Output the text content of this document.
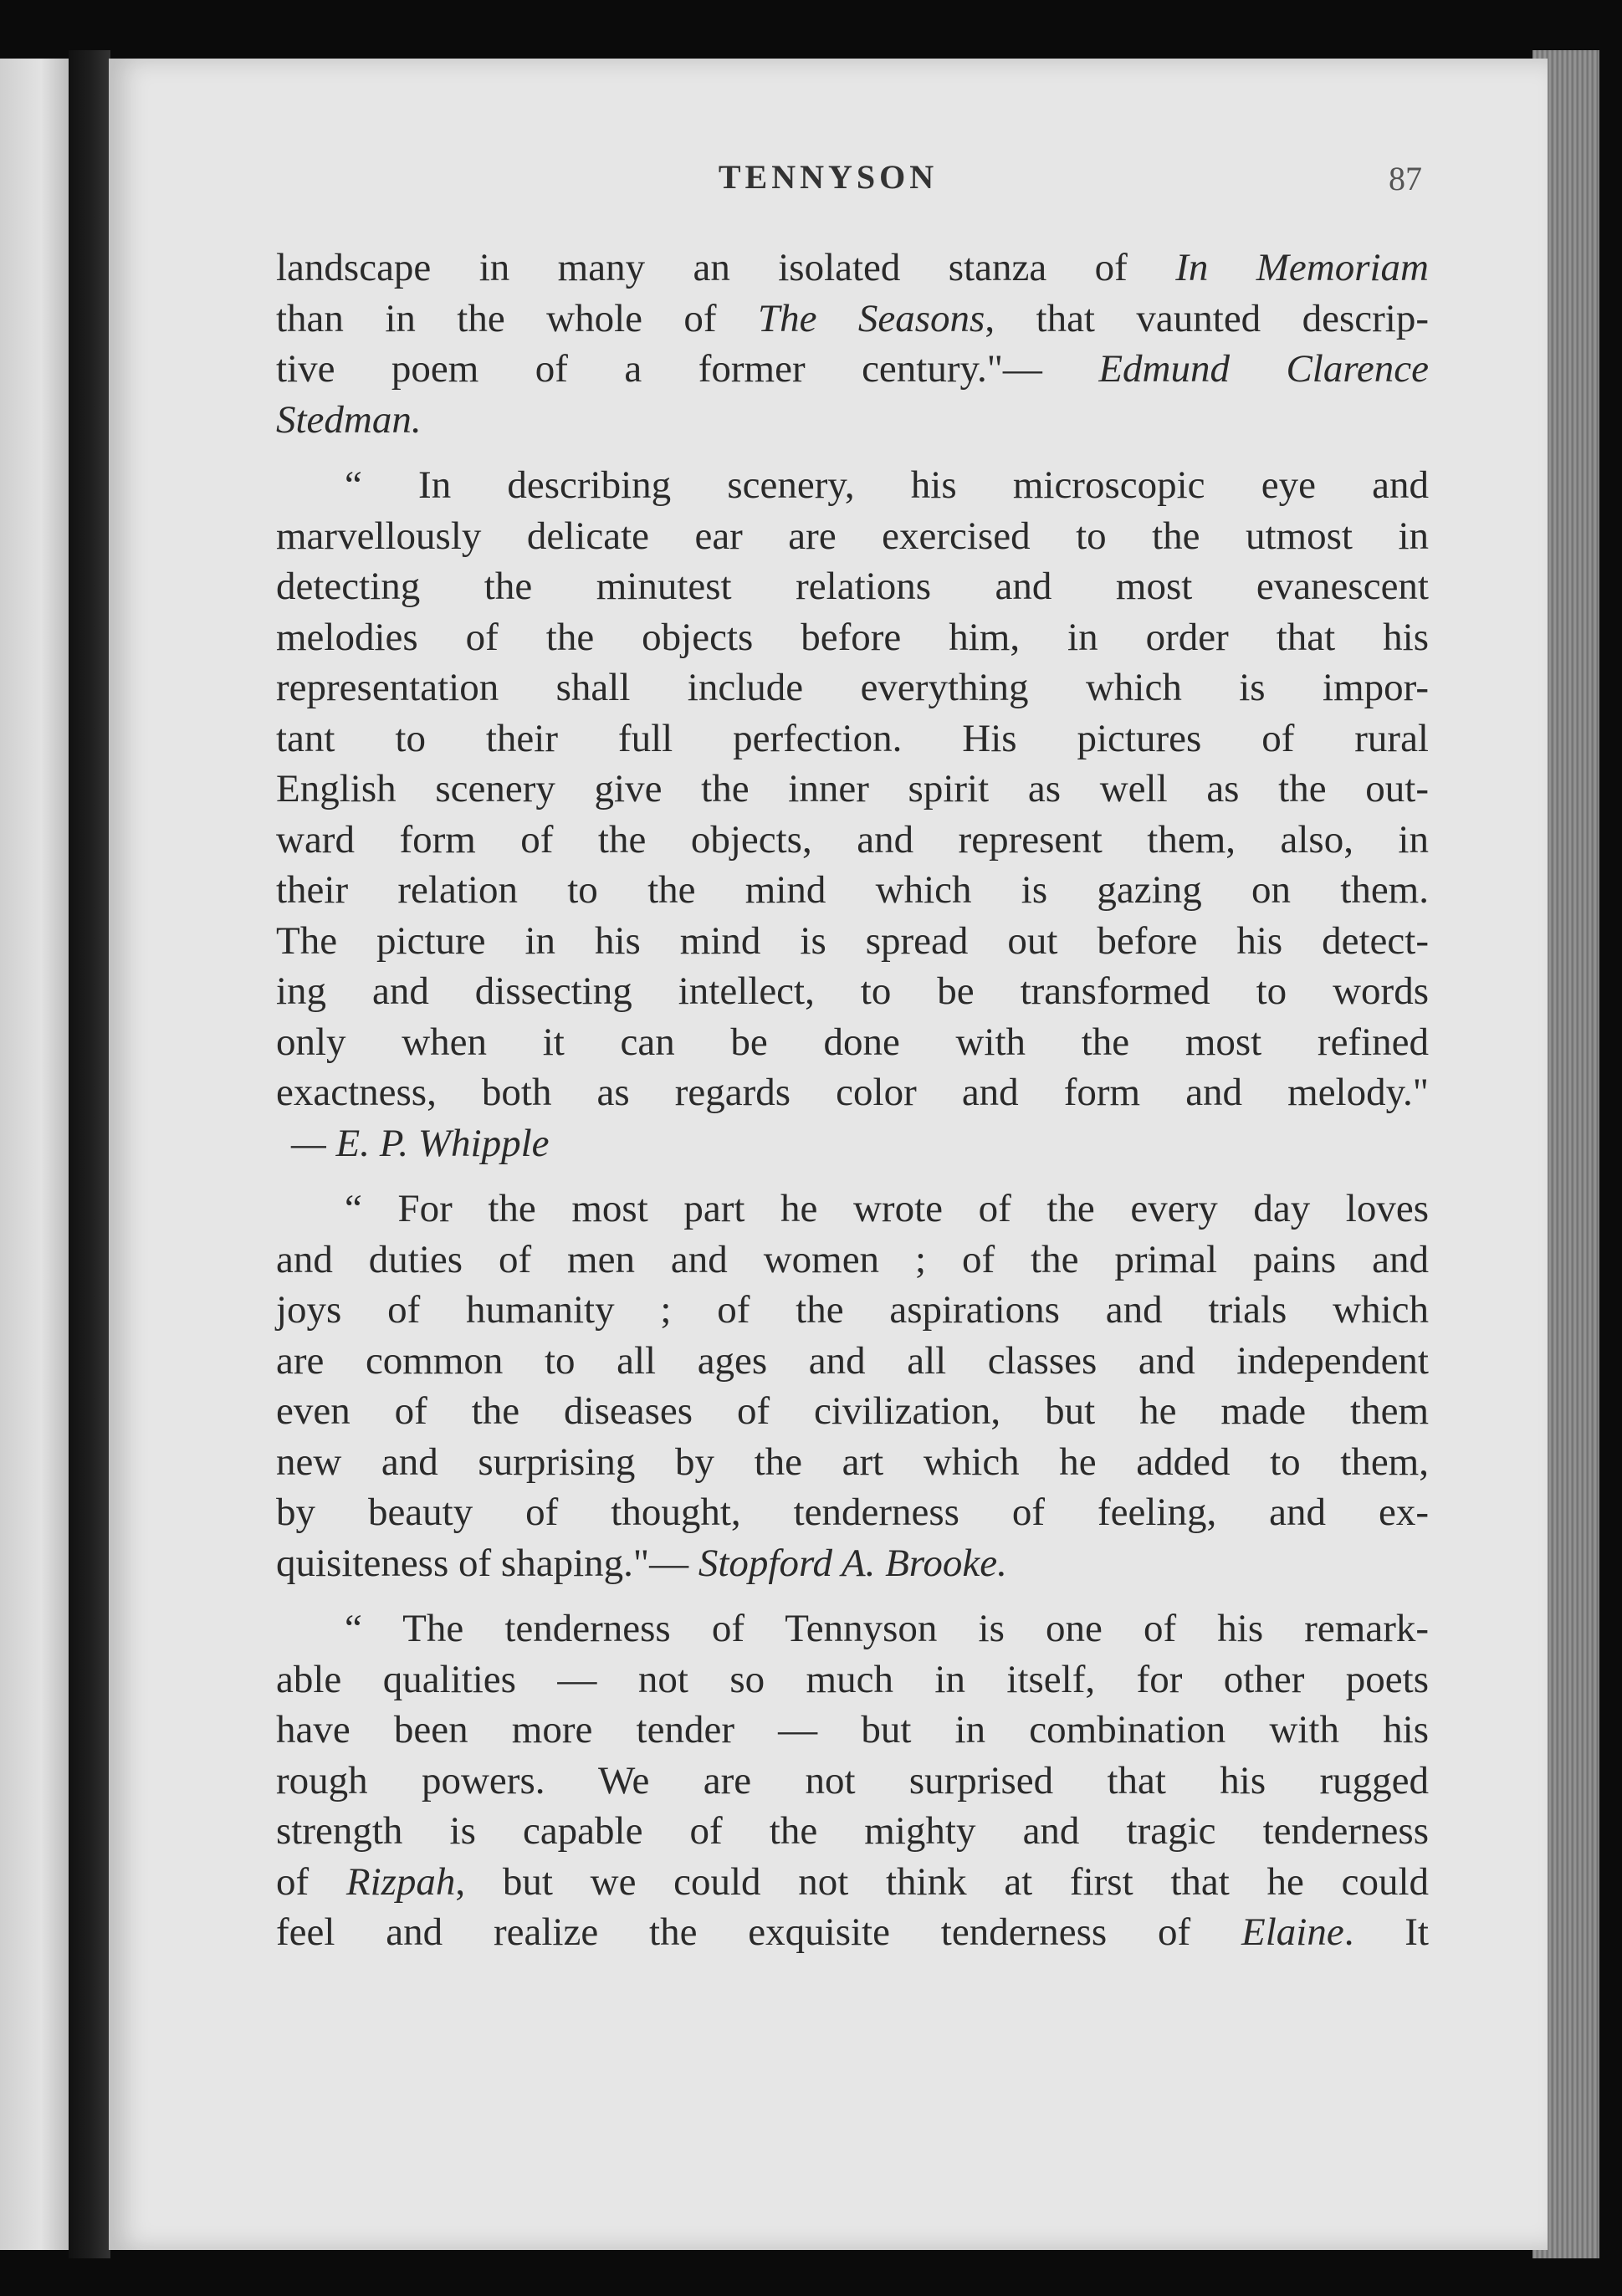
TENNYSON	87
landscape in many an isolated stanza of In Memoriam
than in the whole of The Seasons, that vaunted descrip-
tive poem of a former century."— Edmund Clarence
Stedman.
“ In describing scenery, his microscopic eye and
marvellously delicate ear are exercised to the utmost in
detecting the minutest relations and most evanescent
melodies of the objects before him, in order that his
representation shall include everything which is impor-
tant to their full perfection. His pictures of rural
English scenery give the inner spirit as well as the out-
ward form of the objects, and represent them, also, in
their relation to the mind which is gazing on them.
The picture in his mind is spread out before his detect-
ing and dissecting intellect, to be transformed to words
only when it can be done with the most refined
exactness, both as regards color and form and melody."
— E. P. Whipple
“ For the most part he wrote of the every day loves
and duties of men and women ; of the primal pains and
joys of humanity ; of the aspirations and trials which
are common to all ages and all classes and independent
even of the diseases of civilization, but he made them
new and surprising by the art which he added to them,
by beauty of thought, tenderness of feeling, and ex-
quisiteness of shaping."— Stopford A. Brooke.
“ The tenderness of Tennyson is one of his remark-
able qualities — not so much in itself, for other poets
have been more tender — but in combination with his
rough powers. We are not surprised that his rugged
strength is capable of the mighty and tragic tenderness
of Rizpah, but we could not think at first that he could
feel and realize the exquisite tenderness of Elaine. It
